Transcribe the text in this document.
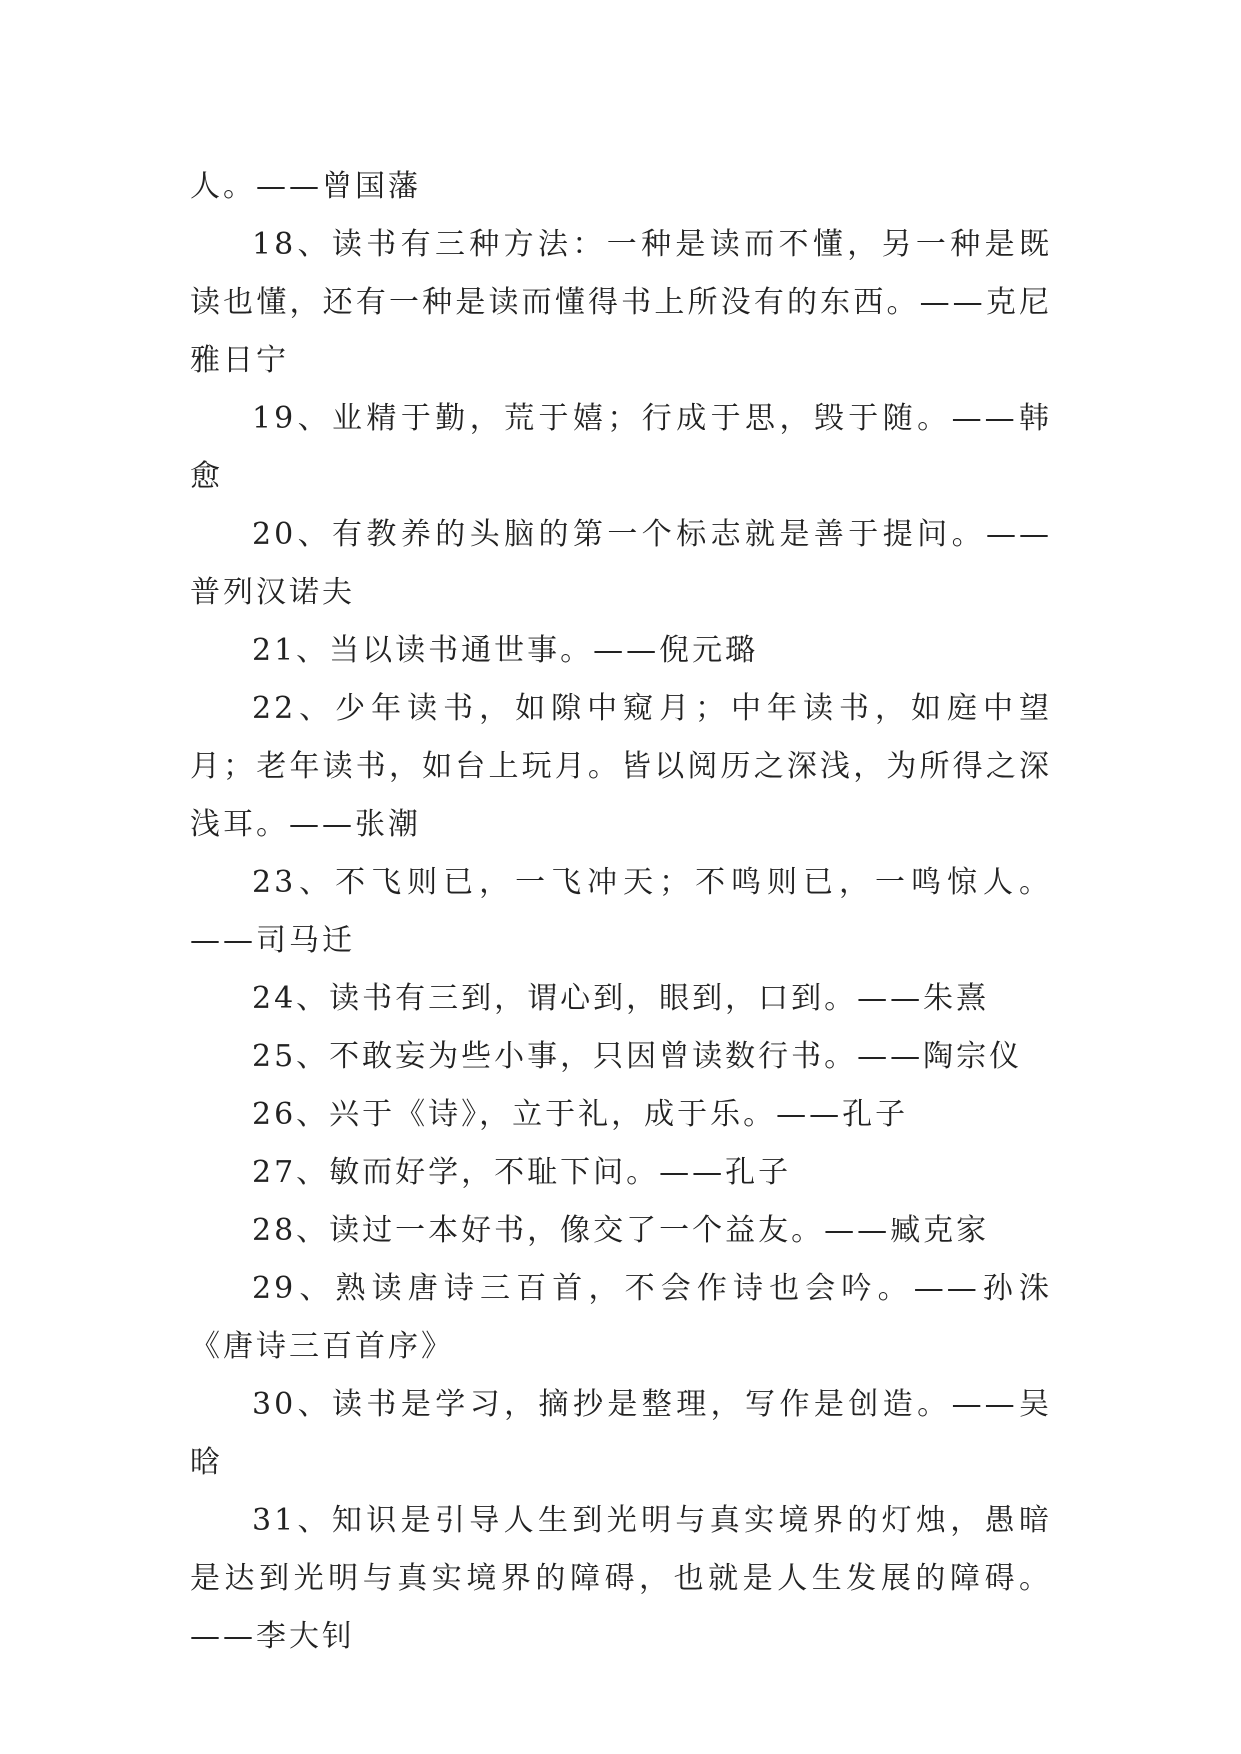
人。——曾国藩

18、读书有三种方法：一种是读而不懂，另一种是既读也懂，还有一种是读而懂得书上所没有的东西。——克尼雅日宁

19、业精于勤，荒于嬉；行成于思，毁于随。——韩愈

20、有教养的头脑的第一个标志就是善于提问。——普列汉诺夫

21、当以读书通世事。——倪元璐

22、少年读书，如隙中窥月；中年读书，如庭中望月；老年读书，如台上玩月。皆以阅历之深浅，为所得之深浅耳。——张潮

23、不飞则已，一飞冲天；不鸣则已，一鸣惊人。——司马迁

24、读书有三到，谓心到，眼到，口到。——朱熹

25、不敢妄为些小事，只因曾读数行书。——陶宗仪

26、兴于《诗》，立于礼，成于乐。——孔子

27、敏而好学，不耻下问。——孔子

28、读过一本好书，像交了一个益友。——臧克家

29、熟读唐诗三百首，不会作诗也会吟。——孙洙《唐诗三百首序》

30、读书是学习，摘抄是整理，写作是创造。——吴晗

31、知识是引导人生到光明与真实境界的灯烛，愚暗是达到光明与真实境界的障碍，也就是人生发展的障碍。——李大钊
